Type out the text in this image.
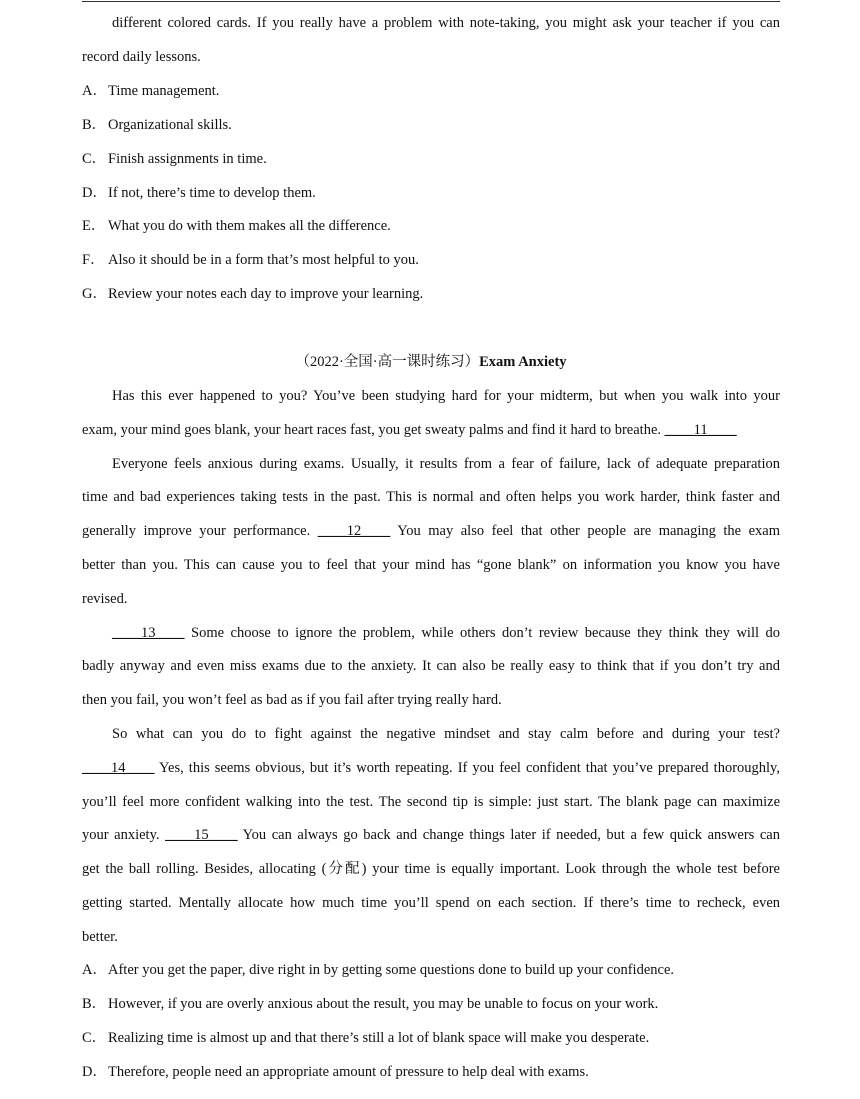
different colored cards. If you really have a problem with note-taking, you might ask your teacher if you can
record daily lessons.
A．Time management.
B． Organizational skills.
C． Finish assignments in time.
D．If not, there’s time to develop them.
E． What you do with them makes all the difference.
F． Also it should be in a form that’s most helpful to you.
G．Review your notes each day to improve your learning.
（2022·全国·高一课时练习）Exam Anxiety
Has this ever happened to you? You’ve been studying hard for your midterm, but when you walk into your
exam, your mind goes blank, your heart races fast, you get sweaty palms and find it hard to breathe. ____11____
Everyone feels anxious during exams. Usually, it results from a fear of failure, lack of adequate preparation
time and bad experiences taking tests in the past. This is normal and often helps you work harder, think faster and
generally improve your performance. ____12____ You may also feel that other people are managing the exam
better than you. This can cause you to feel that your mind has “gone blank” on information you know you have
revised.
____13____ Some choose to ignore the problem, while others don’t review because they think they will do
badly anyway and even miss exams due to the anxiety. It can also be really easy to think that if you don’t try and
then you fail, you won’t feel as bad as if you fail after trying really hard.
So what can you do to fight against the negative mindset and stay calm before and during your test?
____14____ Yes, this seems obvious, but it’s worth repeating. If you feel confident that you’ve prepared thoroughly,
you’ll feel more confident walking into the test. The second tip is simple: just start. The blank page can maximize
your anxiety. ____15____ You can always go back and change things later if needed, but a few quick answers can
get the ball rolling. Besides, allocating (分配) your time is equally important. Look through the whole test before
getting started. Mentally allocate how much time you’ll spend on each section. If there’s time to recheck, even
better.
A．After you get the paper, dive right in by getting some questions done to build up your confidence.
B． However, if you are overly anxious about the result, you may be unable to focus on your work.
C． Realizing time is almost up and that there’s still a lot of blank space will make you desperate.
D．Therefore, people need an appropriate amount of pressure to help deal with exams.
